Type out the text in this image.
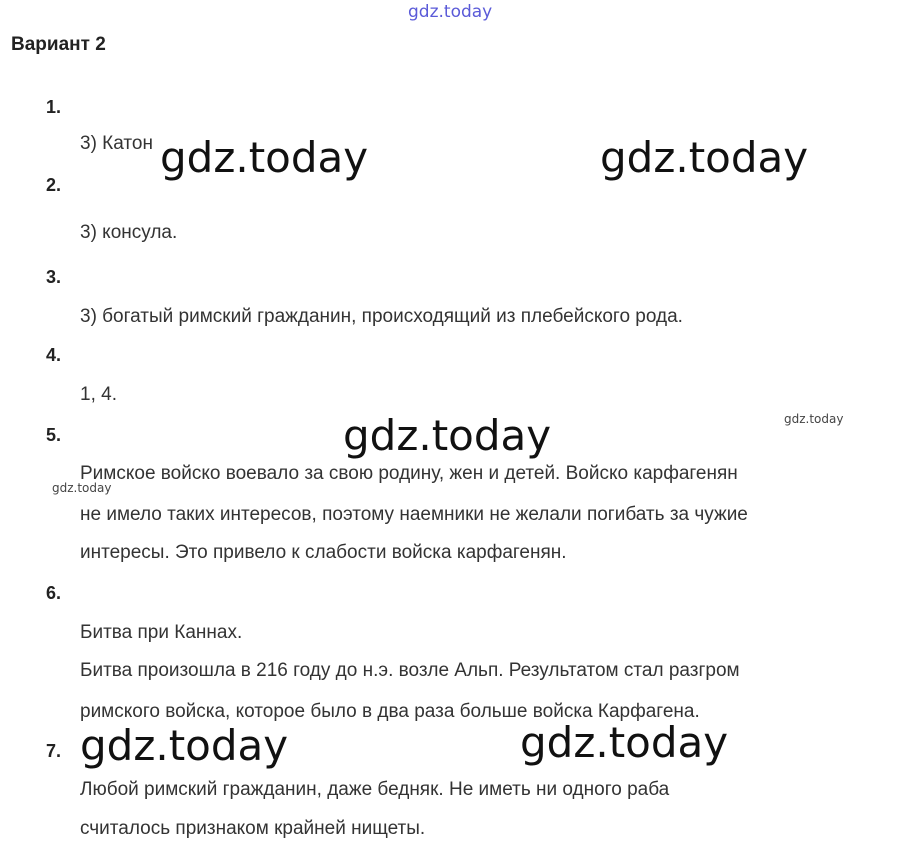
gdz.today
Вариант 2
1.
3) Катон
2.
3) консула.
3.
3) богатый римский гражданин, происходящий из плебейского рода.
4.
1, 4.
5.
Римское войско воевало за свою родину, жен и детей. Войско карфагенян
не имело таких интересов, поэтому наемники не желали погибать за чужие
интересы. Это привело к слабости войска карфагенян.
6.
Битва при Каннах.
Битва произошла в 216 году до н.э. возле Альп. Результатом стал разгром
римского войска, которое было в два раза больше войска Карфагена.
7.
Любой римский гражданин, даже бедняк. Не иметь ни одного раба
считалось признаком крайней нищеты.
gdz.today	gdz.today
gdz.today
gdz.today	gdz.today
gdz.today
gdz.today
